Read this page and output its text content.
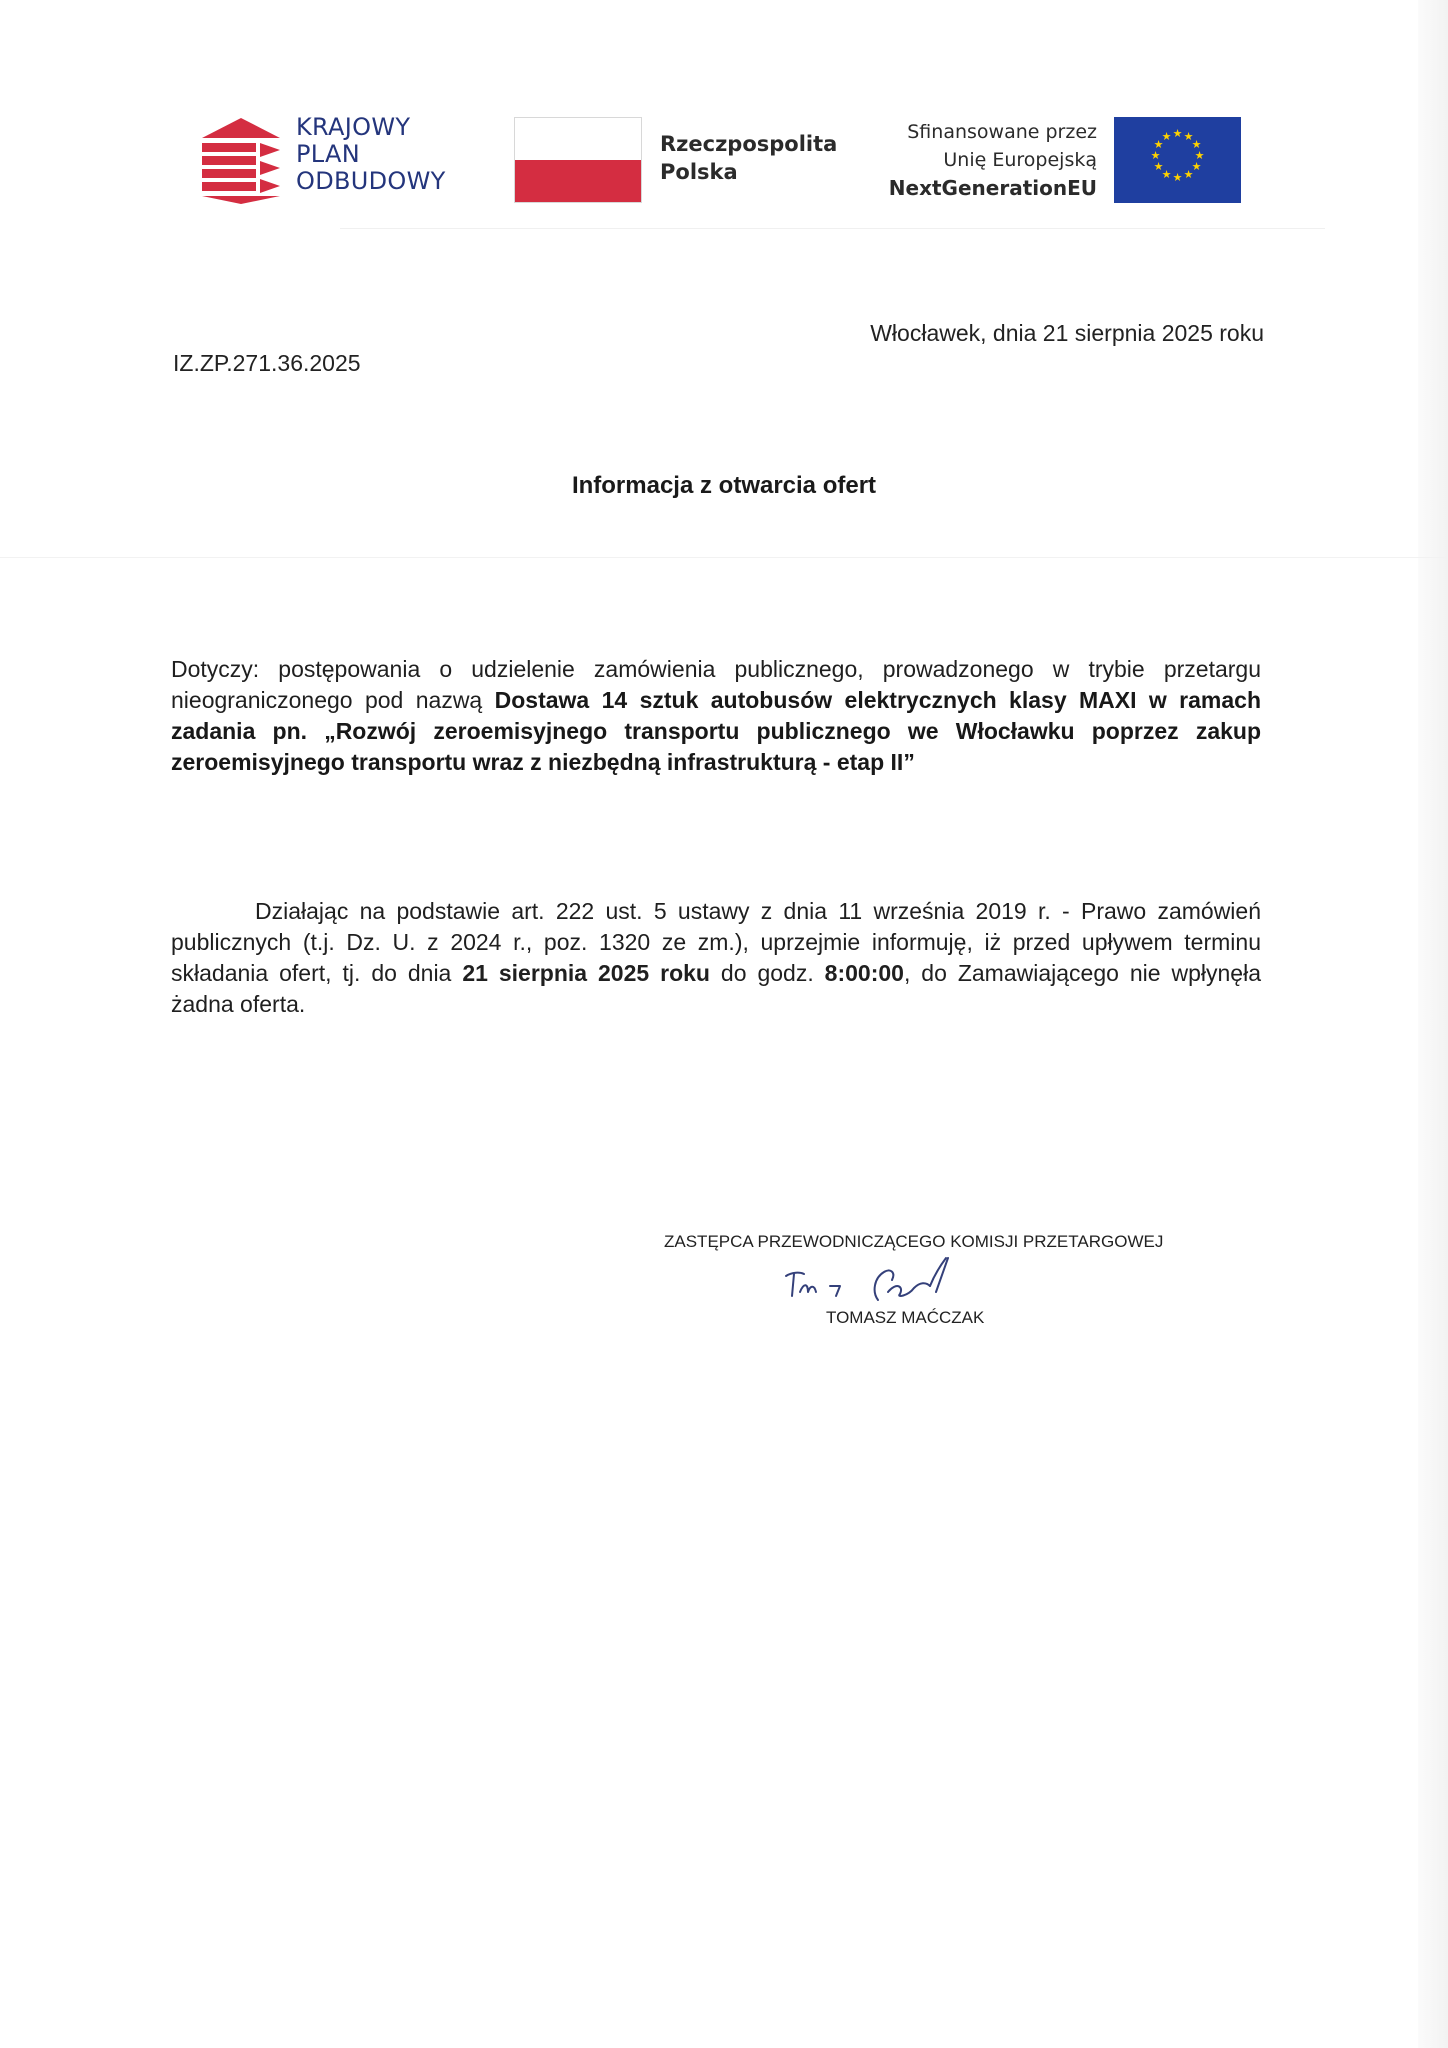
KRAJOWY
PLAN
ODBUDOWY
Rzeczpospolita
Polska
Sfinansowane przez
Unię Europejską
NextGenerationEU
★ ★
★
★
★
★
★
★
★
★
★
★
IZ.ZP.271.36.2025
Włocławek, dnia 21 sierpnia 2025 roku
Informacja z otwarcia ofert
Dotyczy: postępowania o udzielenie zamówienia publicznego, prowadzonego w trybie przetargu nieograniczonego pod nazwą Dostawa 14 sztuk autobusów elektrycznych klasy MAXI w ramach zadania pn. „Rozwój zeroemisyjnego transportu publicznego we Włocławku poprzez zakup zeroemisyjnego transportu wraz z niezbędną infrastrukturą - etap II”
Działając na podstawie art. 222 ust. 5 ustawy z dnia 11 września 2019 r. - Prawo zamówień publicznych (t.j. Dz. U. z 2024 r., poz. 1320 ze zm.), uprzejmie informuję, iż przed upływem terminu składania ofert, tj. do dnia 21 sierpnia 2025 roku do godz. 8:00:00, do Zamawiającego nie wpłynęła żadna oferta.
ZASTĘPCA PRZEWODNICZĄCEGO KOMISJI PRZETARGOWEJ
TOMASZ MAĆCZAK
